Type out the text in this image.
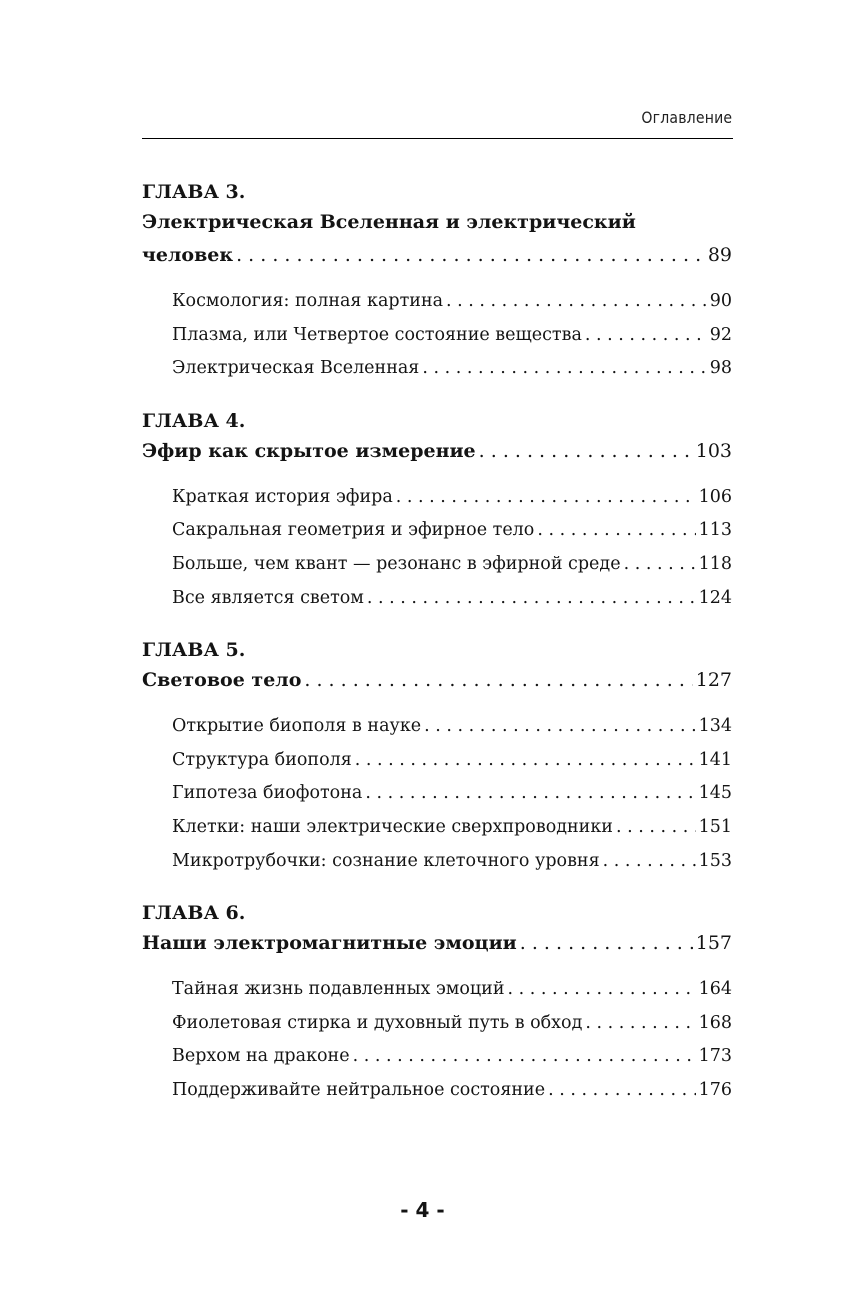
Оглавление
ГЛАВА 3.
Электрическая Вселенная и электрический
человек . . .	89
Космология: полная картина . . .	90
Плазма, или Четвертое состояние вещества . . .	92
Электрическая Вселенная . . .	98
ГЛАВА 4.
Эфир как скрытое измерение . . .	103
Краткая история эфира . . .	106
Сакральная геометрия и эфирное тело . . .	113
Больше, чем квант — резонанс в эфирной среде . . .	118
Все является светом . . .	124
ГЛАВА 5.
Световое тело . . .	127
Открытие биополя в науке . . .	134
Структура биополя . . .	141
Гипотеза биофотона . . .	145
Клетки: наши электрические сверхпроводники . . .	151
Микротрубочки: сознание клеточного уровня . . .	153
ГЛАВА 6.
Наши электромагнитные эмоции . . .	157
Тайная жизнь подавленных эмоций . . .	164
Фиолетовая стирка и духовный путь в обход . . .	168
Верхом на драконе . . .	173
Поддерживайте нейтральное состояние . . .	176
- 4 -
